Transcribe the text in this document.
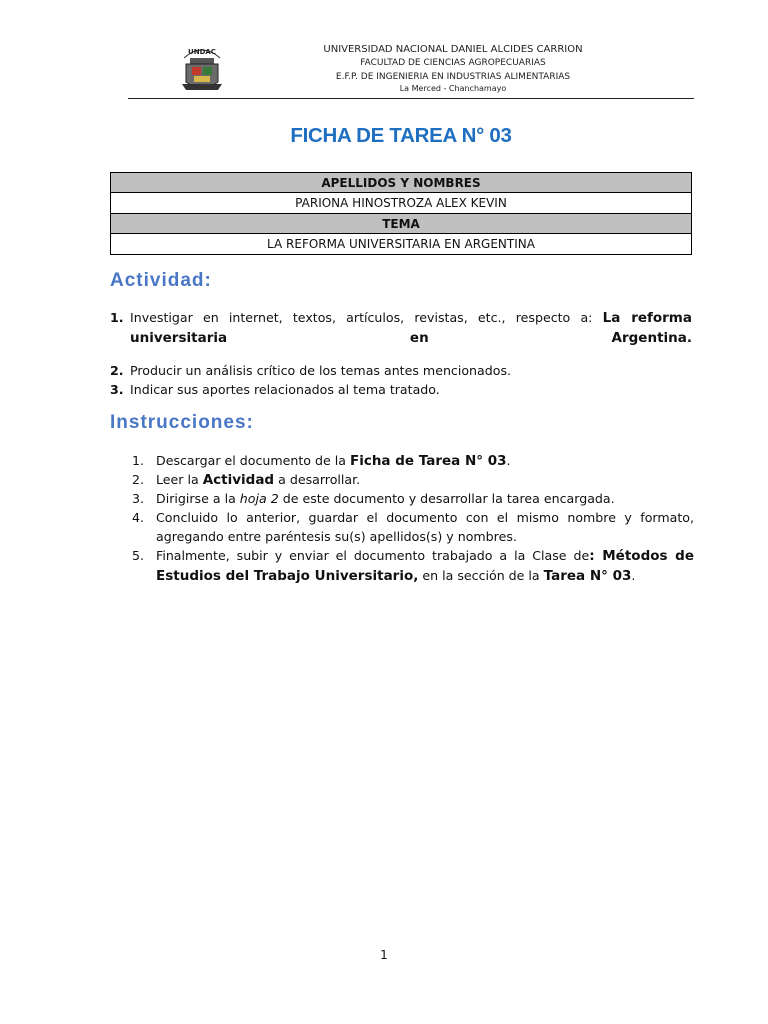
UNDAC	UNIVERSIDAD NACIONAL DANIEL ALCIDES CARRION
FACULTAD DE CIENCIAS AGROPECUARIAS
E.F.P. DE INGENIERIA EN INDUSTRIAS ALIMENTARIAS
La Merced - Chanchamayo
FICHA DE TAREA N° 03
APELLIDOS Y NOMBRES
PARIONA HINOSTROZA ALEX KEVIN
TEMA
LA REFORMA UNIVERSITARIA EN ARGENTINA
Actividad:
1. Investigar en internet, textos, artículos, revistas, etc., respecto a: La reforma universitaria en Argentina.
2. Producir un análisis crítico de los temas antes mencionados.
3. Indicar sus aportes relacionados al tema tratado.
Instrucciones:
1. Descargar el documento de la Ficha de Tarea N° 03.
2. Leer la Actividad a desarrollar.
3. Dirigirse a la hoja 2 de este documento y desarrollar la tarea encargada.
4. Concluido lo anterior, guardar el documento con el mismo nombre y formato, agregando entre paréntesis su(s) apellidos(s) y nombres.
5. Finalmente, subir y enviar el documento trabajado a la Clase de: Métodos de Estudios del Trabajo Universitario, en la sección de la Tarea N° 03.
1
